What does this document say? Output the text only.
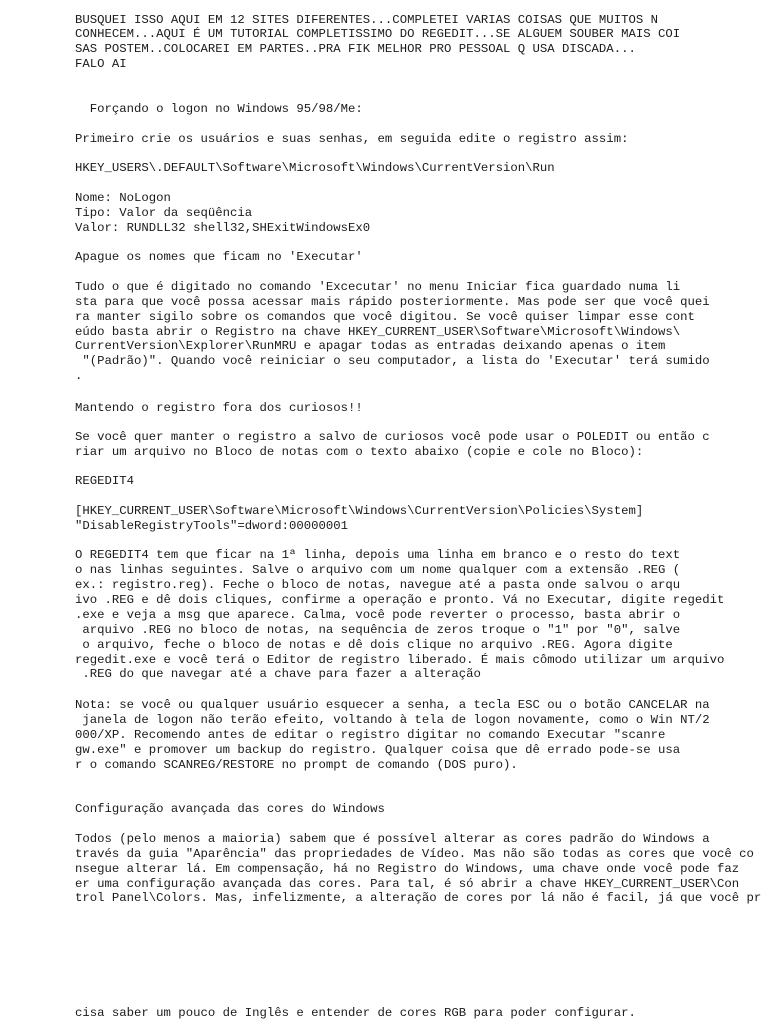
BUSQUEI ISSO AQUI EM 12 SITES DIFERENTES...COMPLETEI VARIAS COISAS QUE MUITOS N
CONHECEM...AQUI É UM TUTORIAL COMPLETISSIMO DO REGEDIT...SE ALGUEM SOUBER MAIS COI
SAS POSTEM..COLOCAREI EM PARTES..PRA FIK MELHOR PRO PESSOAL Q USA DISCADA...
FALO AI
Forçando o logon no Windows 95/98/Me:
Primeiro crie os usuários e suas senhas, em seguida edite o registro assim:
HKEY_USERS\.DEFAULT\Software\Microsoft\Windows\CurrentVersion\Run
Nome: NoLogon
Tipo: Valor da seqüência
Valor: RUNDLL32 shell32,SHExitWindowsEx0
Apague os nomes que ficam no 'Executar'
Tudo o que é digitado no comando 'Excecutar' no menu Iniciar fica guardado numa li
sta para que você possa acessar mais rápido posteriormente. Mas pode ser que você quei
ra manter sigilo sobre os comandos que você digitou. Se você quiser limpar esse cont
eúdo basta abrir o Registro na chave HKEY_CURRENT_USER\Software\Microsoft\Windows\
CurrentVersion\Explorer\RunMRU e apagar todas as entradas deixando apenas o item
"(Padrão)". Quando você reiniciar o seu computador, a lista do 'Executar' terá sumido
.
Mantendo o registro fora dos curiosos!!
Se você quer manter o registro a salvo de curiosos você pode usar o POLEDIT ou então c
riar um arquivo no Bloco de notas com o texto abaixo (copie e cole no Bloco):
REGEDIT4
[HKEY_CURRENT_USER\Software\Microsoft\Windows\CurrentVersion\Policies\System]
"DisableRegistryTools"=dword:00000001
O REGEDIT4 tem que ficar na 1ª linha, depois uma linha em branco e o resto do text
o nas linhas seguintes. Salve o arquivo com um nome qualquer com a extensão .REG (
ex.: registro.reg). Feche o bloco de notas, navegue até a pasta onde salvou o arqu
ivo .REG e dê dois cliques, confirme a operação e pronto. Vá no Executar, digite regedit
.exe e veja a msg que aparece. Calma, você pode reverter o processo, basta abrir o
arquivo .REG no bloco de notas, na sequência de zeros troque o "1" por "0", salve
o arquivo, feche o bloco de notas e dê dois clique no arquivo .REG. Agora digite
regedit.exe e você terá o Editor de registro liberado. É mais cômodo utilizar um arquivo
.REG do que navegar até a chave para fazer a alteração
Nota: se você ou qualquer usuário esquecer a senha, a tecla ESC ou o botão CANCELAR na
janela de logon não terão efeito, voltando à tela de logon novamente, como o Win NT/2
000/XP. Recomendo antes de editar o registro digitar no comando Executar "scanre
gw.exe" e promover um backup do registro. Qualquer coisa que dê errado pode-se usa
r o comando SCANREG/RESTORE no prompt de comando (DOS puro).
Configuração avançada das cores do Windows
Todos (pelo menos a maioria) sabem que é possível alterar as cores padrão do Windows a
través da guia "Aparência" das propriedades de Vídeo. Mas não são todas as cores que você co
nsegue alterar lá. Em compensação, há no Registro do Windows, uma chave onde você pode faz
er uma configuração avançada das cores. Para tal, é só abrir a chave HKEY_CURRENT_USER\Con
trol Panel\Colors. Mas, infelizmente, a alteração de cores por lá não é facil, já que você pr
cisa saber um pouco de Inglês e entender de cores RGB para poder configurar.
